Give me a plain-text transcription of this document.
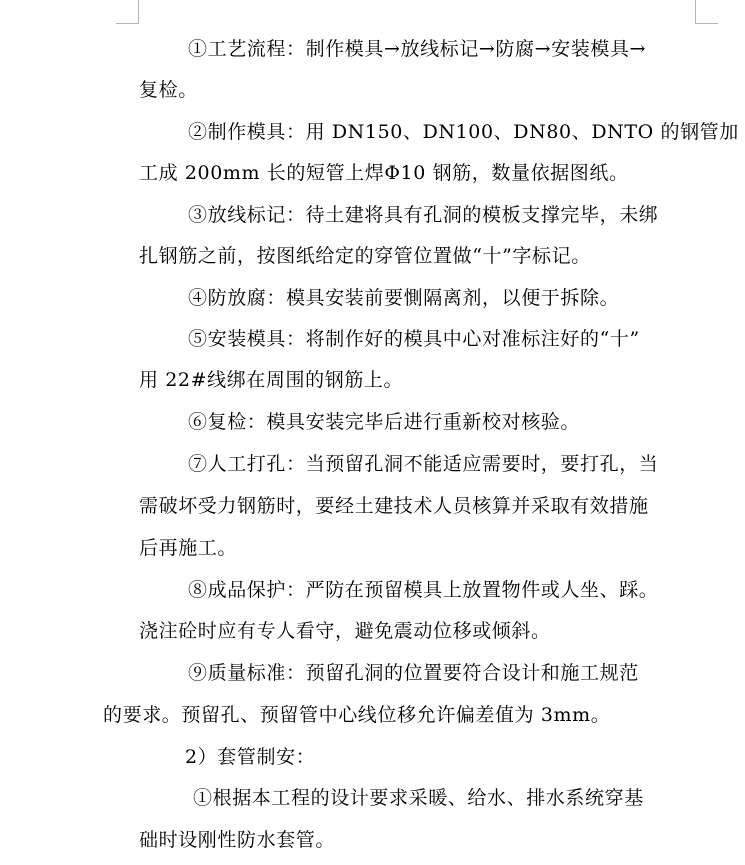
①工艺流程：制作模具→放线标记→防腐→安装模具→
复检。
②制作模具：用 DN150、DN100、DN80、DNTO 的钢管加
工成 200mm 长的短管上焊Φ10 钢筋，数量依据图纸。
③放线标记：待土建将具有孔洞的模板支撑完毕，未绑
扎钢筋之前，按图纸给定的穿管位置做“十”字标记。
④防放腐：模具安装前要惻隔离剂，以便于拆除。
⑤安装模具：将制作好的模具中心对准标注好的“十”
用 22#线绑在周围的钢筋上。
⑥复检：模具安装完毕后进行重新校对核验。
⑦人工打孔：当预留孔洞不能适应需要时，要打孔，当
需破坏受力钢筋时，要经土建技术人员核算并采取有效措施
后再施工。
⑧成品保护：严防在预留模具上放置物件或人坐、踩。
浇注砼时应有专人看守，避免震动位移或倾斜。
⑨质量标准：预留孔洞的位置要符合设计和施工规范
的要求。预留孔、预留管中心线位移允许偏差值为 3mm。
2）套管制安：
①根据本工程的设计要求采暖、给水、排水系统穿基
础时设刚性防水套管。
